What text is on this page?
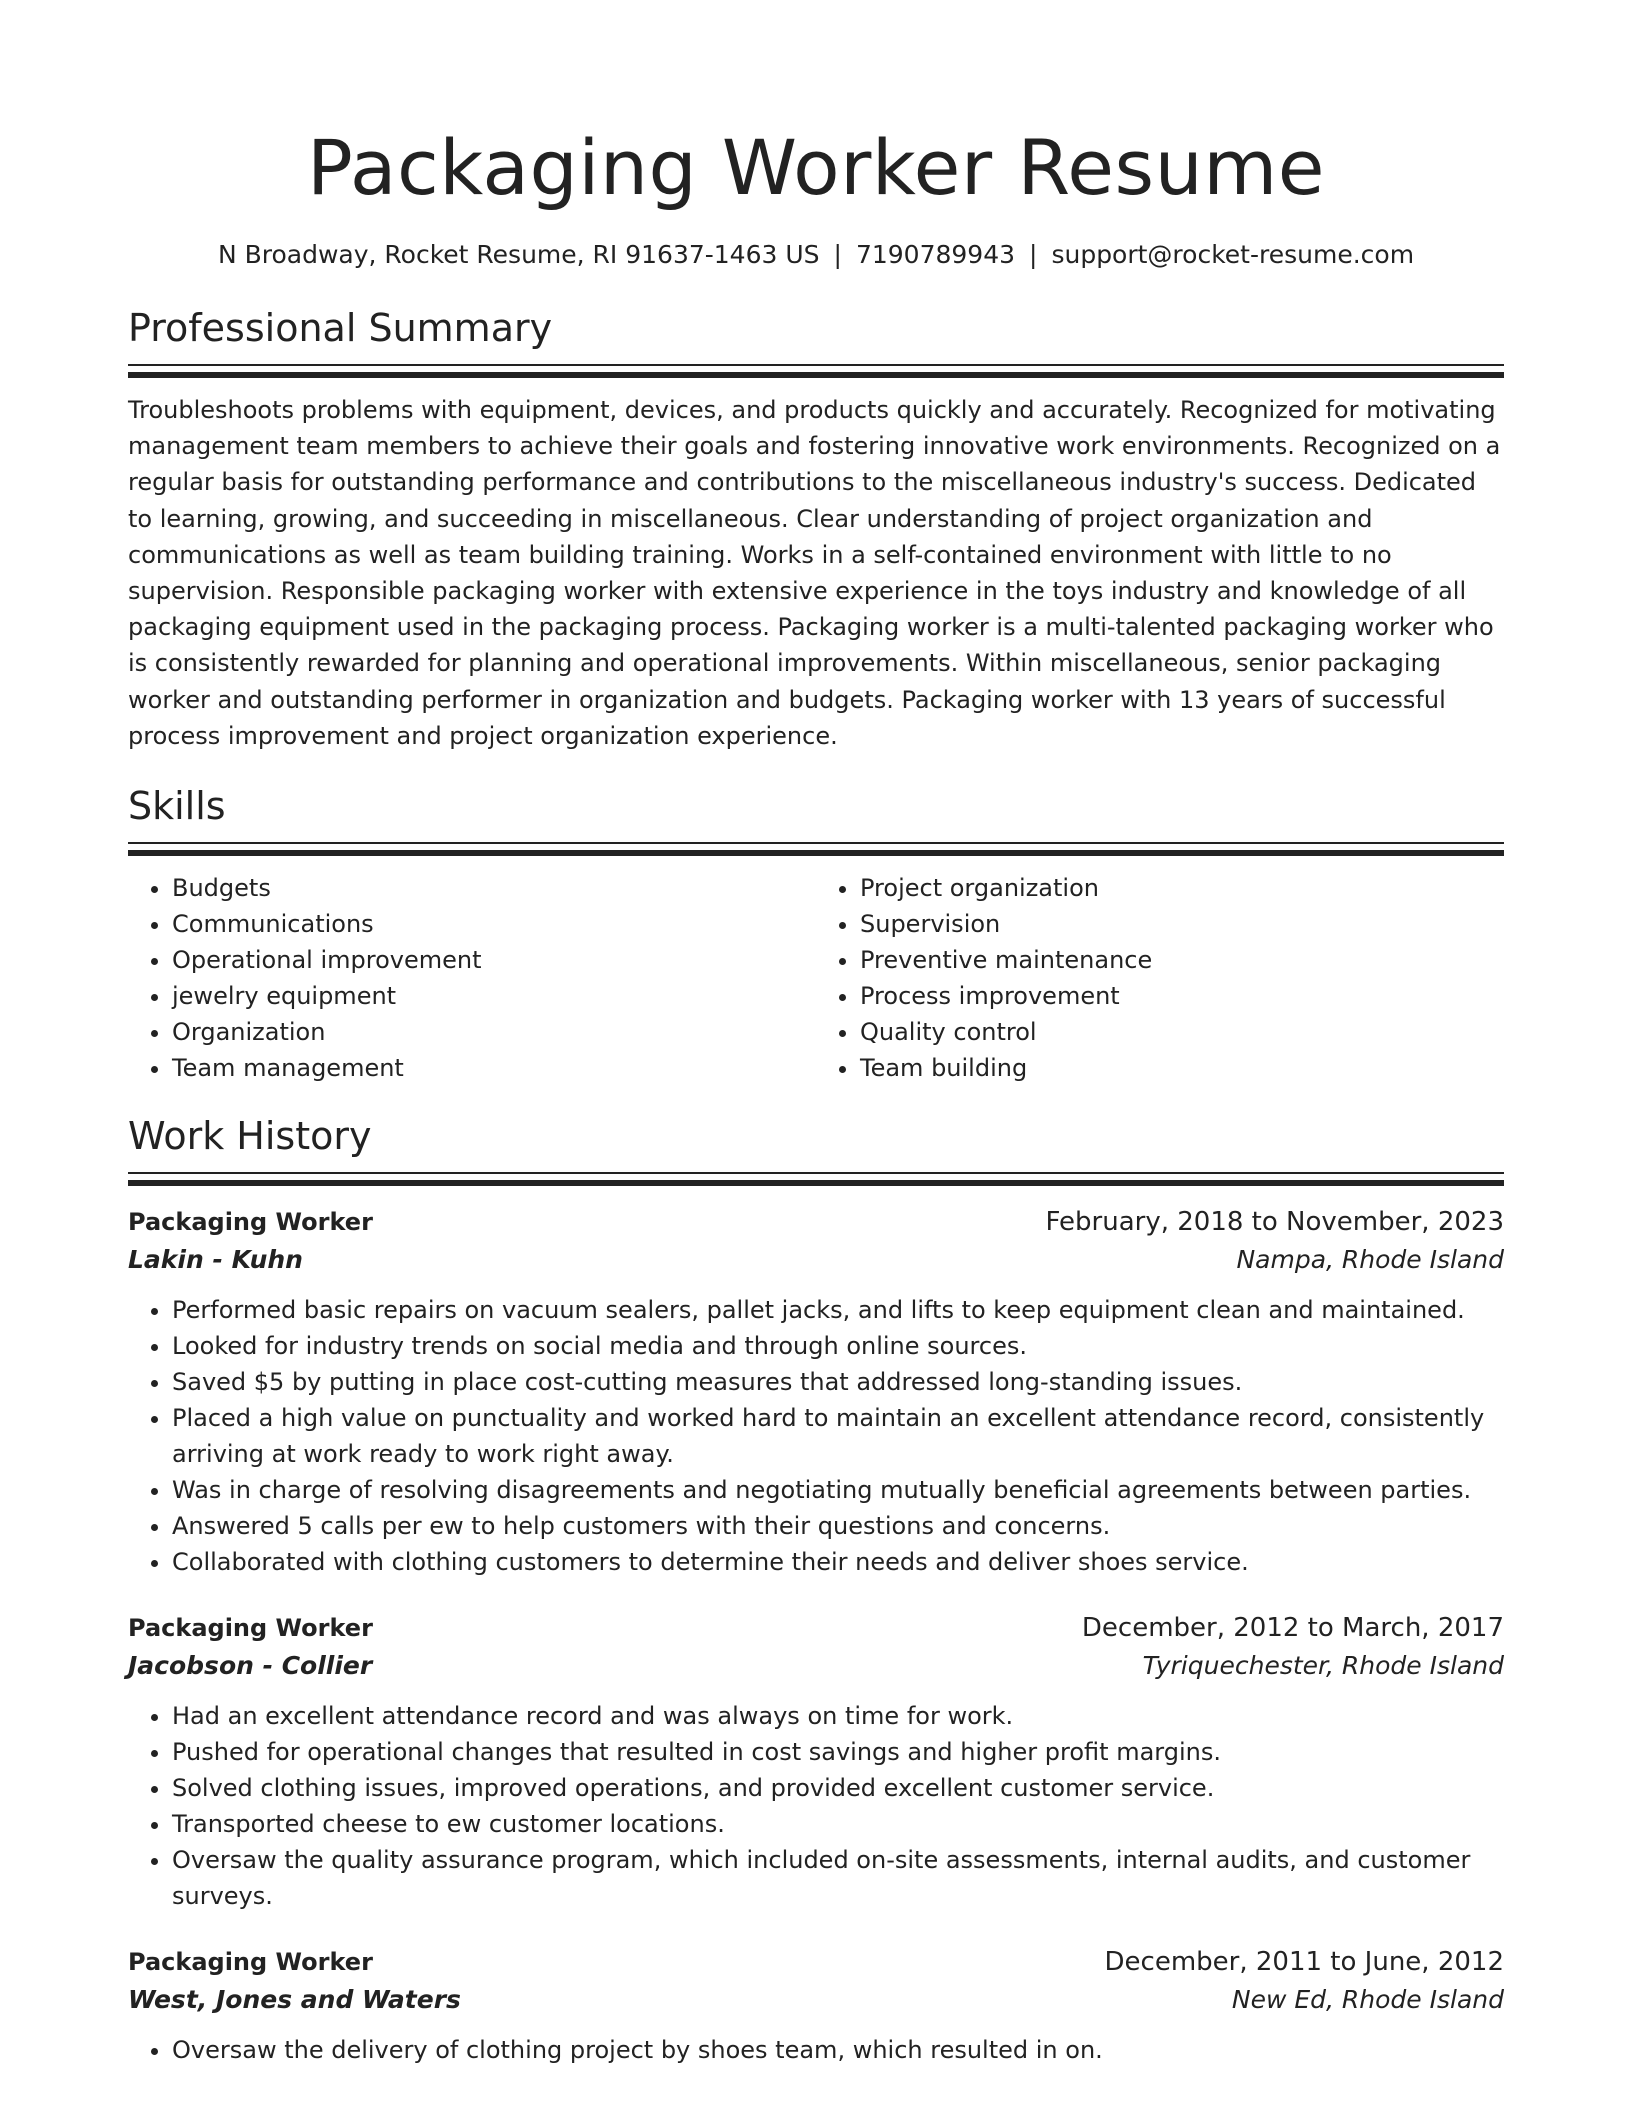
Packaging Worker Resume
N Broadway, Rocket Resume, RI 91637-1463 US | 7190789943 | support@rocket-resume.com
Professional Summary

Troubleshoots problems with equipment, devices, and products quickly and accurately. Recognized for motivating management team members to achieve their goals and fostering innovative work environments. Recognized on a regular basis for outstanding performance and contributions to the miscellaneous industry's success. Dedicated to learning, growing, and succeeding in miscellaneous. Clear understanding of project organization and communications as well as team building training. Works in a self-contained environment with little to no supervision. Responsible packaging worker with extensive experience in the toys industry and knowledge of all packaging equipment used in the packaging process. Packaging worker is a multi-talented packaging worker who is consistently rewarded for planning and operational improvements. Within miscellaneous, senior packaging worker and outstanding performer in organization and budgets. Packaging worker with 13 years of successful process improvement and project organization experience.

Skills
• Budgets
• Communications
• Operational improvement
• jewelry equipment
• Organization
• Team management
• Project organization
• Supervision
• Preventive maintenance
• Process improvement
• Quality control
• Team building
Work History
Packaging Worker	February, 2018 to November, 2023
Lakin - Kuhn	Nampa, Rhode Island
• Performed basic repairs on vacuum sealers, pallet jacks, and lifts to keep equipment clean and maintained.
• Looked for industry trends on social media and through online sources.
• Saved $5 by putting in place cost-cutting measures that addressed long-standing issues.
• Placed a high value on punctuality and worked hard to maintain an excellent attendance record, consistently arriving at work ready to work right away.
• Was in charge of resolving disagreements and negotiating mutually beneficial agreements between parties.
• Answered 5 calls per ew to help customers with their questions and concerns.
• Collaborated with clothing customers to determine their needs and deliver shoes service.
Packaging Worker	December, 2012 to March, 2017
Jacobson - Collier	Tyriquechester, Rhode Island
• Had an excellent attendance record and was always on time for work.
• Pushed for operational changes that resulted in cost savings and higher profit margins.
• Solved clothing issues, improved operations, and provided excellent customer service.
• Transported cheese to ew customer locations.
• Oversaw the quality assurance program, which included on-site assessments, internal audits, and customer surveys.
Packaging Worker	December, 2011 to June, 2012
West, Jones and Waters	New Ed, Rhode Island
• Oversaw the delivery of clothing project by shoes team, which resulted in on.
